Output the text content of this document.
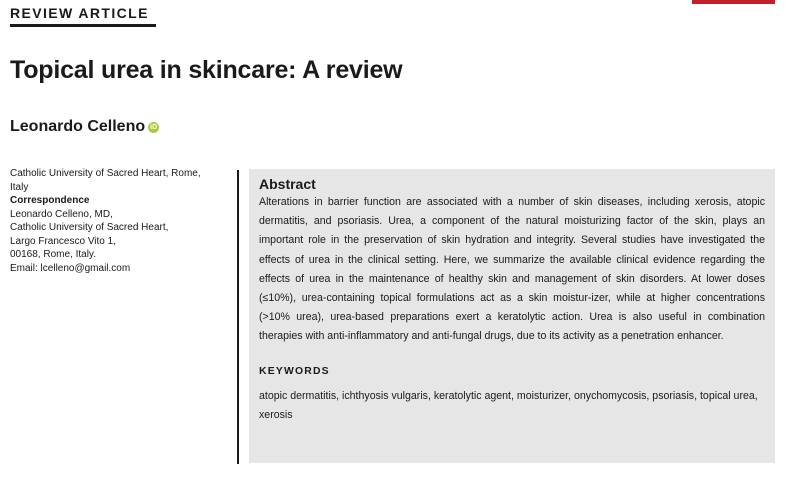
REVIEW ARTICLE
Topical urea in skincare: A review
Leonardo Celleno iD
Catholic University of Sacred Heart, Rome, Italy
Correspondence
Leonardo Celleno, MD,
Catholic University of Sacred Heart,
Largo Francesco Vito 1,
00168, Rome, Italy.
Email: lcelleno@gmail.com
Abstract

Alterations in barrier function are associated with a number of skin diseases, including xerosis, atopic dermatitis, and psoriasis. Urea, a component of the natural moisturizing factor of the skin, plays an important role in the preservation of skin hydration and integrity. Several studies have investigated the effects of urea in the clinical setting. Here, we summarize the available clinical evidence regarding the effects of urea in the maintenance of healthy skin and management of skin disorders. At lower doses (≤10%), urea-containing topical formulations act as a skin moistur-izer, while at higher concentrations (>10% urea), urea-based preparations exert a keratolytic action. Urea is also useful in combination therapies with anti-inflammatory and anti-fungal drugs, due to its activity as a penetration enhancer.

KEYWORDS

atopic dermatitis, ichthyosis vulgaris, keratolytic agent, moisturizer, onychomycosis, psoriasis, topical urea, xerosis
